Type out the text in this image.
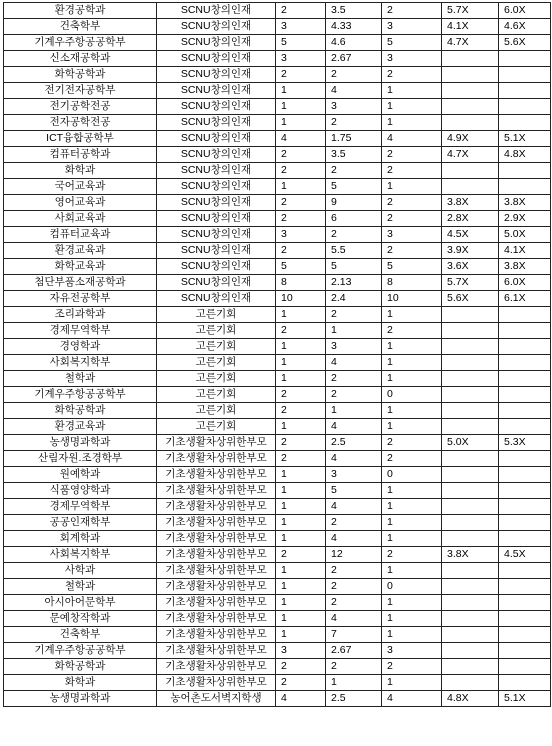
환경공학과	SCNU창의인재	2	3.5	2	5.7X	6.0X
건축학부	SCNU창의인재	3	4.33	3	4.1X	4.6X
기계우주항공공학부	SCNU창의인재	5	4.6	5	4.7X	5.6X
신소재공학과	SCNU창의인재	3	2.67	3		
화학공학과	SCNU창의인재	2	2	2		
전기전자공학부	SCNU창의인재	1	4	1		
전기공학전공	SCNU창의인재	1	3	1		
전자공학전공	SCNU창의인재	1	2	1		
ICT융합공학부	SCNU창의인재	4	1.75	4	4.9X	5.1X
컴퓨터공학과	SCNU창의인재	2	3.5	2	4.7X	4.8X
화학과	SCNU창의인재	2	2	2		
국어교육과	SCNU창의인재	1	5	1		
영어교육과	SCNU창의인재	2	9	2	3.8X	3.8X
사회교육과	SCNU창의인재	2	6	2	2.8X	2.9X
컴퓨터교육과	SCNU창의인재	3	2	3	4.5X	5.0X
환경교육과	SCNU창의인재	2	5.5	2	3.9X	4.1X
화학교육과	SCNU창의인재	5	5	5	3.6X	3.8X
첨단부품소재공학과	SCNU창의인재	8	2.13	8	5.7X	6.0X
자유전공학부	SCNU창의인재	10	2.4	10	5.6X	6.1X
조리과학과	고른기회	1	2	1		
경제무역학부	고른기회	2	1	2		
경영학과	고른기회	1	3	1		
사회복지학부	고른기회	1	4	1		
철학과	고른기회	1	2	1		
기계우주항공공학부	고른기회	2	2	0		
화학공학과	고른기회	2	1	1		
환경교육과	고른기회	1	4	1		
농생명과학과	기초생활차상위한부모	2	2.5	2	5.0X	5.3X
산림자원.조경학부	기초생활차상위한부모	2	4	2		
원예학과	기초생활차상위한부모	1	3	0		
식품영양학과	기초생활차상위한부모	1	5	1		
경제무역학부	기초생활차상위한부모	1	4	1		
공공인재학부	기초생활차상위한부모	1	2	1		
회계학과	기초생활차상위한부모	1	4	1		
사회복지학부	기초생활차상위한부모	2	12	2	3.8X	4.5X
사학과	기초생활차상위한부모	1	2	1		
철학과	기초생활차상위한부모	1	2	0		
아시아어문학부	기초생활차상위한부모	1	2	1		
문예창작학과	기초생활차상위한부모	1	4	1		
건축학부	기초생활차상위한부모	1	7	1		
기계우주항공공학부	기초생활차상위한부모	3	2.67	3		
화학공학과	기초생활차상위한부모	2	2	2		
화학과	기초생활차상위한부모	2	1	1		
농생명과학과	농어촌도서벽지학생	4	2.5	4	4.8X	5.1X
